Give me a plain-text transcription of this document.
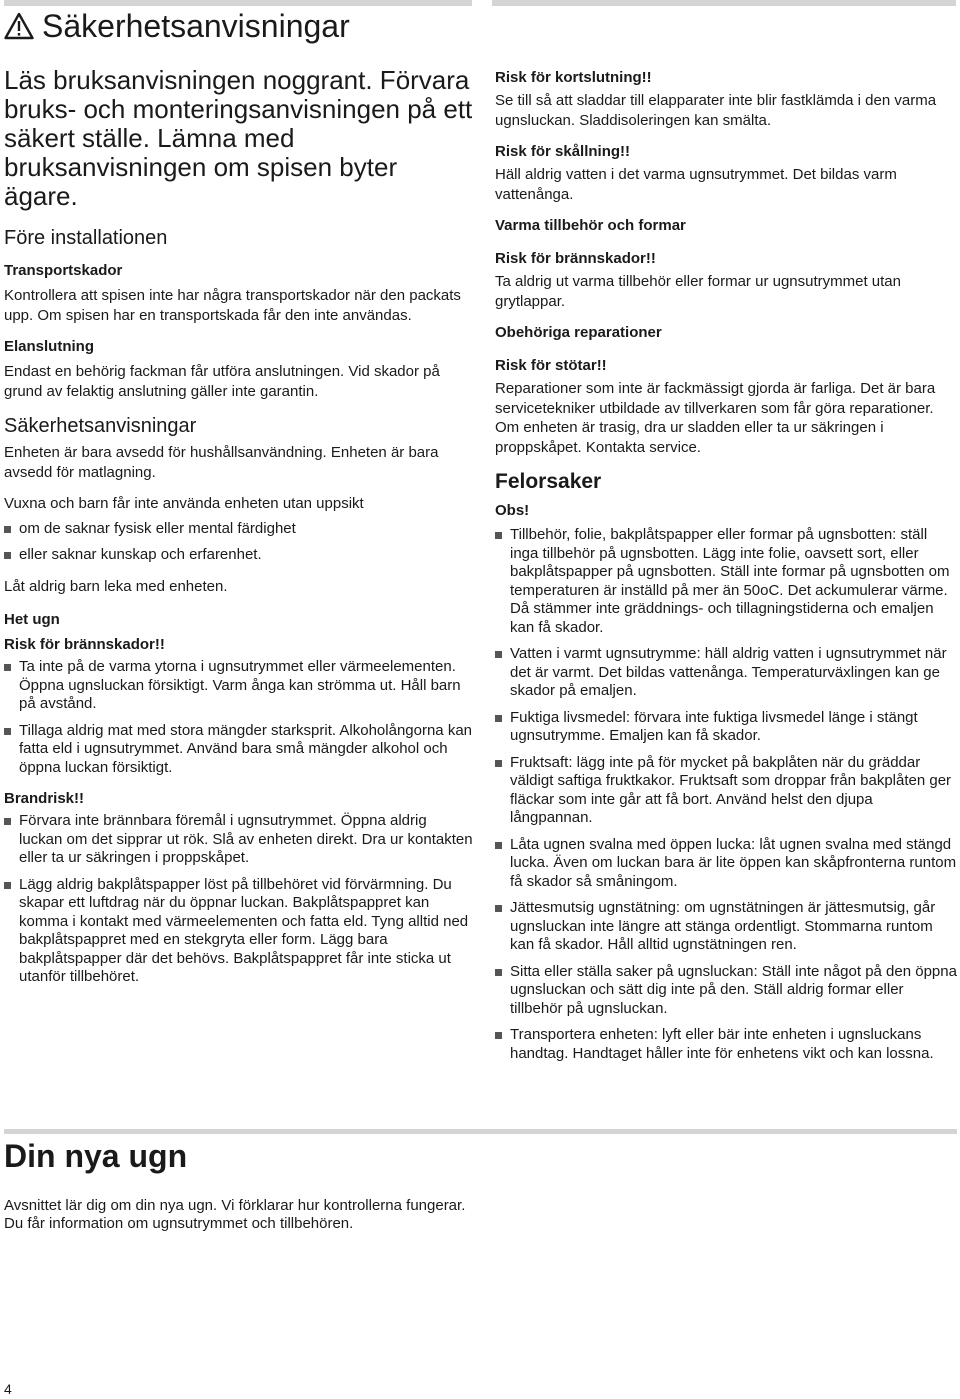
Säkerhetsanvisningar

Läs bruksanvisningen noggrant. Förvara bruks- och monteringsanvisningen på ett säkert ställe. Lämna med bruksanvisningen om spisen byter ägare.

Före installationen
Transportskador

Kontrollera att spisen inte har några transportskador när den packats upp. Om spisen har en transportskada får den inte användas.

Elanslutning

Endast en behörig fackman får utföra anslutningen. Vid skador på grund av felaktig anslutning gäller inte garantin.

Säkerhetsanvisningar

Enheten är bara avsedd för hushållsanvändning. Enheten är bara avsedd för matlagning.

Vuxna och barn får inte använda enheten utan uppsikt

om de saknar fysisk eller mental färdighet
eller saknar kunskap och erfarenhet.

Låt aldrig barn leka med enheten.

Het ugn
Risk för brännskador!!
Ta inte på de varma ytorna i ugnsutrymmet eller värmeelementen. Öppna ugnsluckan försiktigt. Varm ånga kan strömma ut. Håll barn på avstånd.
Tillaga aldrig mat med stora mängder starksprit. Alkoholångorna kan fatta eld i ugnsutrymmet. Använd bara små mängder alkohol och öppna luckan försiktigt.
Brandrisk!!
Förvara inte brännbara föremål i ugnsutrymmet. Öppna aldrig luckan om det sipprar ut rök. Slå av enheten direkt. Dra ur kontakten eller ta ur säkringen i proppskåpet.
Lägg aldrig bakplåtspapper löst på tillbehöret vid förvärmning. Du skapar ett luftdrag när du öppnar luckan. Bakplåtspappret kan komma i kontakt med värmeelementen och fatta eld. Tyng alltid ned bakplåtspappret med en stekgryta eller form. Lägg bara bakplåtspapper där det behövs. Bakplåtspappret får inte sticka ut utanför tillbehöret.
Risk för kortslutning!!

Se till så att sladdar till elapparater inte blir fastklämda i den varma ugnsluckan. Sladdisoleringen kan smälta.

Risk för skållning!!

Häll aldrig vatten i det varma ugnsutrymmet. Det bildas varm vattenånga.

Varma tillbehör och formar
Risk för brännskador!!

Ta aldrig ut varma tillbehör eller formar ur ugnsutrymmet utan grytlappar.

Obehöriga reparationer
Risk för stötar!!

Reparationer som inte är fackmässigt gjorda är farliga. Det är bara servicetekniker utbildade av tillverkaren som får göra reparationer. Om enheten är trasig, dra ur sladden eller ta ur säkringen i proppskåpet. Kontakta service.

Felorsaker
Obs!
Tillbehör, folie, bakplåtspapper eller formar på ugnsbotten: ställ inga tillbehör på ugnsbotten. Lägg inte folie, oavsett sort, eller bakplåtspapper på ugnsbotten. Ställ inte formar på ugnsbotten om temperaturen är inställd på mer än 50oC. Det ackumulerar värme. Då stämmer inte gräddnings- och tillagningstiderna och emaljen kan få skador.
Vatten i varmt ugnsutrymme: häll aldrig vatten i ugnsutrymmet när det är varmt. Det bildas vattenånga. Temperaturväxlingen kan ge skador på emaljen.
Fuktiga livsmedel: förvara inte fuktiga livsmedel länge i stängt ugnsutrymme. Emaljen kan få skador.
Fruktsaft: lägg inte på för mycket på bakplåten när du gräddar väldigt saftiga fruktkakor. Fruktsaft som droppar från bakplåten ger fläckar som inte går att få bort. Använd helst den djupa långpannan.
Låta ugnen svalna med öppen lucka: låt ugnen svalna med stängd lucka. Även om luckan bara är lite öppen kan skåpfronterna runtom få skador så småningom.
Jättesmutsig ugnstätning: om ugnstätningen är jättesmutsig, går ugnsluckan inte längre att stänga ordentligt. Stommarna runtom kan få skador. Håll alltid ugnstätningen ren.
Sitta eller ställa saker på ugnsluckan: Ställ inte något på den öppna ugnsluckan och sätt dig inte på den. Ställ aldrig formar eller tillbehör på ugnsluckan.
Transportera enheten: lyft eller bär inte enheten i ugnsluckans handtag. Handtaget håller inte för enhetens vikt och kan lossna.
Din nya ugn

Avsnittet lär dig om din nya ugn. Vi förklarar hur kontrollerna fungerar. Du får information om ugnsutrymmet och tillbehören.

4
